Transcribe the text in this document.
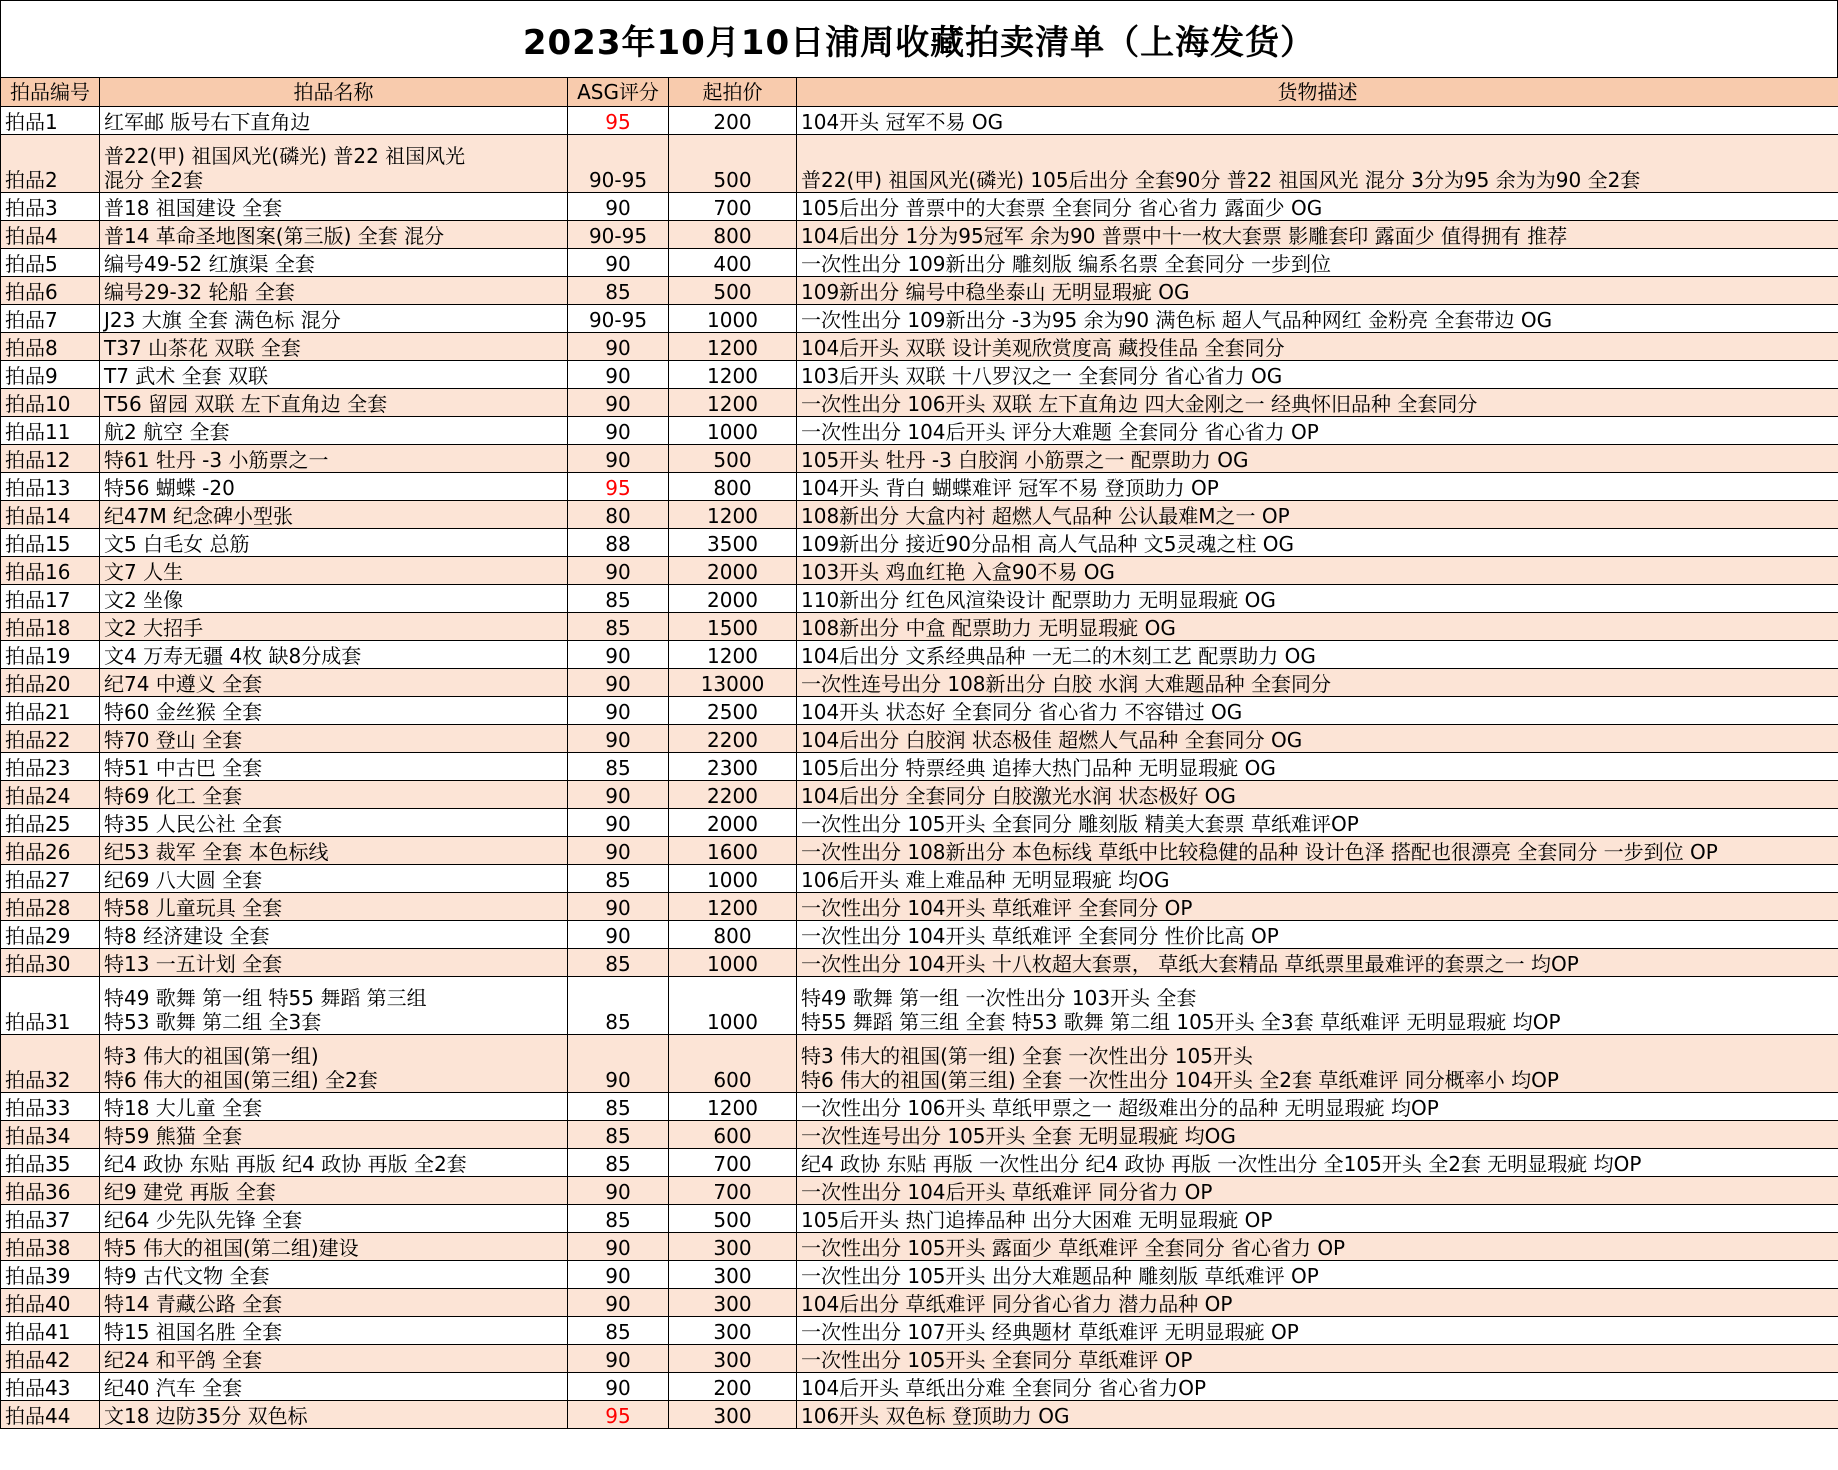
2023年10月10日浦周收藏拍卖清单（上海发货）
拍品编号	拍品名称	ASG评分	起拍价	货物描述

拍品1	红军邮 版号右下直角边	95	200	104开头 冠军不易 OG

拍品2	普22(甲) 祖国风光(磷光) 普22 祖国风光
混分 全2套	90-95	500	普22(甲) 祖国风光(磷光) 105后出分 全套90分 普22 祖国风光 混分 3分为95 余为为90 全2套

拍品3	普18 祖国建设 全套	90	700	105后出分 普票中的大套票 全套同分 省心省力 露面少 OG

拍品4	普14 革命圣地图案(第三版) 全套 混分	90-95	800	104后出分 1分为95冠军 余为90 普票中十一枚大套票 影雕套印 露面少 值得拥有 推荐

拍品5	编号49-52 红旗渠 全套	90	400	一次性出分 109新出分 雕刻版 编系名票 全套同分 一步到位

拍品6	编号29-32 轮船 全套	85	500	109新出分 编号中稳坐泰山 无明显瑕疵 OG

拍品7	J23 大旗 全套 满色标 混分	90-95	1000	一次性出分 109新出分 -3为95 余为90 满色标 超人气品种网红 金粉亮 全套带边 OG

拍品8	T37 山茶花 双联 全套	90	1200	104后开头 双联 设计美观欣赏度高 藏投佳品 全套同分

拍品9	T7 武术 全套 双联	90	1200	103后开头 双联 十八罗汉之一 全套同分 省心省力 OG

拍品10	T56 留园 双联 左下直角边 全套	90	1200	一次性出分 106开头 双联 左下直角边 四大金刚之一 经典怀旧品种 全套同分

拍品11	航2 航空 全套	90	1000	一次性出分 104后开头 评分大难题 全套同分 省心省力 OP

拍品12	特61 牡丹 -3 小筋票之一	90	500	105开头 牡丹 -3 白胶润 小筋票之一 配票助力 OG

拍品13	特56 蝴蝶 -20	95	800	104开头 背白 蝴蝶难评 冠军不易 登顶助力 OP

拍品14	纪47M 纪念碑小型张	80	1200	108新出分 大盒内衬 超燃人气品种 公认最难M之一 OP

拍品15	文5 白毛女 总筋	88	3500	109新出分 接近90分品相 高人气品种 文5灵魂之柱 OG

拍品16	文7 人生	90	2000	103开头 鸡血红艳 入盒90不易 OG

拍品17	文2 坐像	85	2000	110新出分 红色风渲染设计 配票助力 无明显瑕疵 OG

拍品18	文2 大招手	85	1500	108新出分 中盒 配票助力 无明显瑕疵 OG

拍品19	文4 万寿无疆 4枚 缺8分成套	90	1200	104后出分 文系经典品种 一无二的木刻工艺 配票助力 OG

拍品20	纪74 中遵义 全套	90	13000	一次性连号出分 108新出分 白胶 水润 大难题品种 全套同分

拍品21	特60 金丝猴 全套	90	2500	104开头 状态好 全套同分 省心省力 不容错过 OG

拍品22	特70 登山 全套	90	2200	104后出分 白胶润 状态极佳 超燃人气品种 全套同分 OG

拍品23	特51 中古巴 全套	85	2300	105后出分 特票经典 追捧大热门品种 无明显瑕疵 OG

拍品24	特69 化工 全套	90	2200	104后出分 全套同分 白胶激光水润 状态极好 OG

拍品25	特35 人民公社 全套	90	2000	一次性出分 105开头 全套同分 雕刻版 精美大套票 草纸难评OP

拍品26	纪53 裁军 全套 本色标线	90	1600	一次性出分 108新出分 本色标线 草纸中比较稳健的品种 设计色泽 搭配也很漂亮 全套同分 一步到位 OP

拍品27	纪69 八大圆 全套	85	1000	106后开头 难上难品种 无明显瑕疵 均OG

拍品28	特58 儿童玩具 全套	90	1200	一次性出分 104开头 草纸难评 全套同分 OP

拍品29	特8 经济建设 全套	90	800	一次性出分 104开头 草纸难评 全套同分 性价比高 OP

拍品30	特13 一五计划 全套	85	1000	一次性出分 104开头 十八枚超大套票， 草纸大套精品 草纸票里最难评的套票之一 均OP

拍品31	特49 歌舞 第一组 特55 舞蹈 第三组
特53 歌舞 第二组 全3套	85	1000	特49 歌舞 第一组 一次性出分 103开头 全套
特55 舞蹈 第三组 全套 特53 歌舞 第二组 105开头 全3套 草纸难评 无明显瑕疵 均OP

拍品32	特3 伟大的祖国(第一组)
特6 伟大的祖国(第三组) 全2套	90	600	特3 伟大的祖国(第一组) 全套 一次性出分 105开头
特6 伟大的祖国(第三组) 全套 一次性出分 104开头 全2套 草纸难评 同分概率小 均OP

拍品33	特18 大儿童 全套	85	1200	一次性出分 106开头 草纸甲票之一 超级难出分的品种 无明显瑕疵 均OP

拍品34	特59 熊猫 全套	85	600	一次性连号出分 105开头 全套 无明显瑕疵 均OG

拍品35	纪4 政协 东贴 再版 纪4 政协 再版 全2套	85	700	纪4 政协 东贴 再版 一次性出分 纪4 政协 再版 一次性出分 全105开头 全2套 无明显瑕疵 均OP

拍品36	纪9 建党 再版 全套	90	700	一次性出分 104后开头 草纸难评 同分省力 OP

拍品37	纪64 少先队先锋 全套	85	500	105后开头 热门追捧品种 出分大困难 无明显瑕疵 OP

拍品38	特5 伟大的祖国(第二组)建设	90	300	一次性出分 105开头 露面少 草纸难评 全套同分 省心省力 OP

拍品39	特9 古代文物 全套	90	300	一次性出分 105开头 出分大难题品种 雕刻版 草纸难评 OP

拍品40	特14 青藏公路 全套	90	300	104后出分 草纸难评 同分省心省力 潜力品种 OP

拍品41	特15 祖国名胜 全套	85	300	一次性出分 107开头 经典题材 草纸难评 无明显瑕疵 OP

拍品42	纪24 和平鸽 全套	90	300	一次性出分 105开头 全套同分 草纸难评 OP

拍品43	纪40 汽车 全套	90	200	104后开头 草纸出分难 全套同分 省心省力OP

拍品44	文18 边防35分 双色标	95	300	106开头 双色标 登顶助力 OG
